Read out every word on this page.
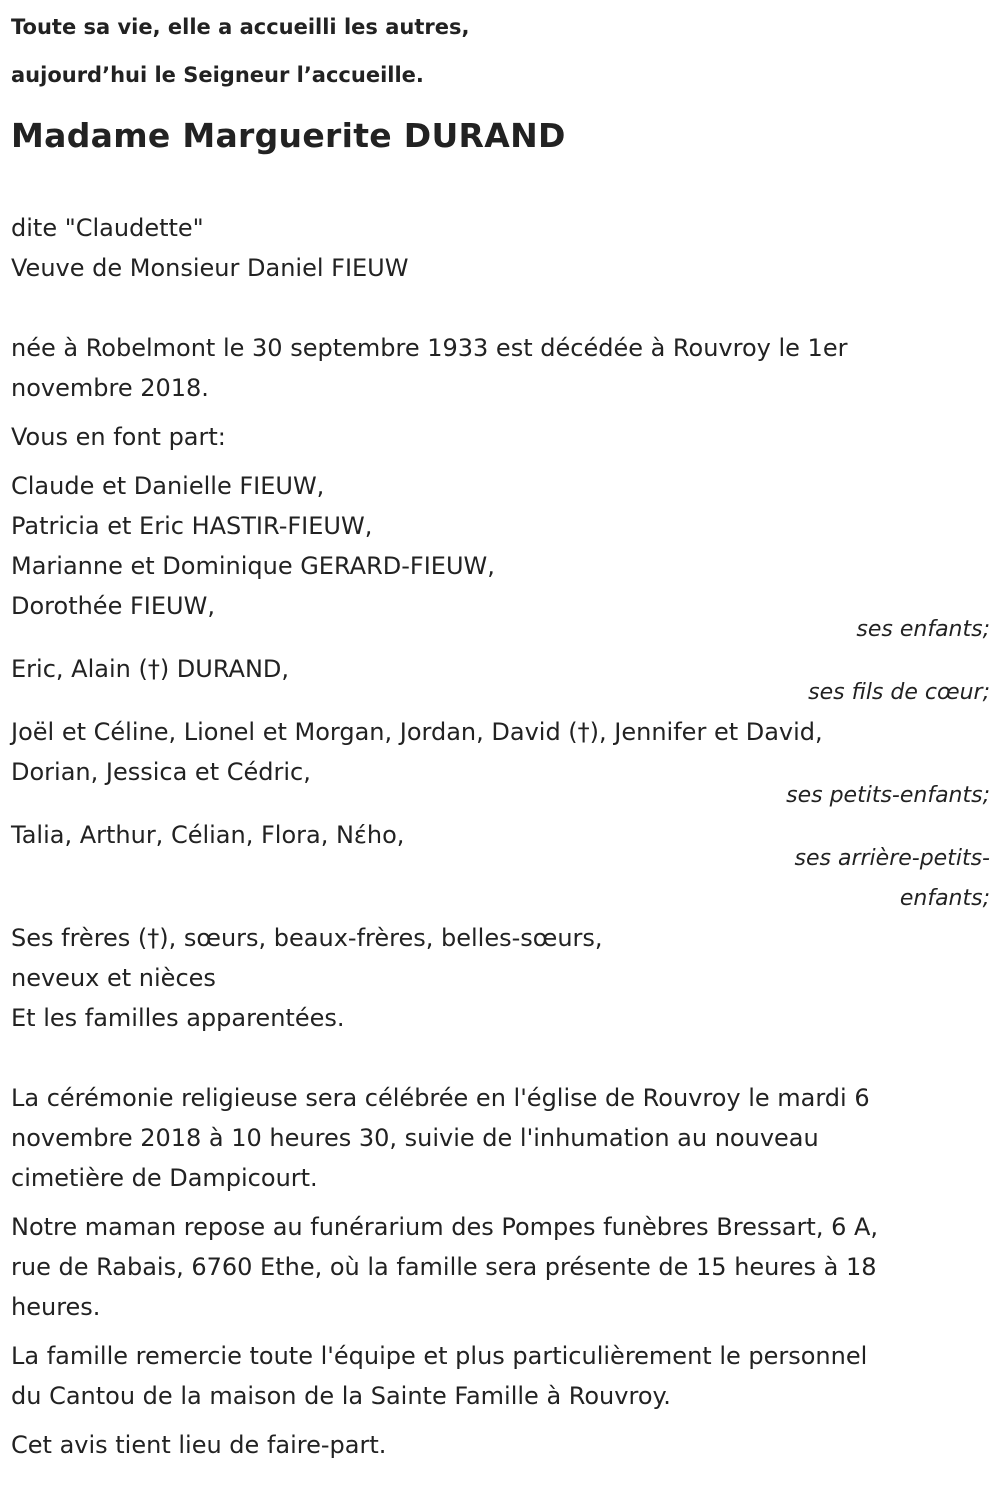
Toute sa vie, elle a accueilli les autres,
aujourd’hui le Seigneur l’accueille.
Madame Marguerite DURAND
dite "Claudette"
Veuve de Monsieur Daniel FIEUW
née à Robelmont le 30 septembre 1933 est décédée à Rouvroy le 1er
novembre 2018.
Vous en font part:
Claude et Danielle FIEUW,
Patricia et Eric HASTIR-FIEUW,
Marianne et Dominique GERARD-FIEUW,
Dorothée FIEUW,
ses enfants;
Eric, Alain (†) DURAND,
ses fils de cœur;
Joël et Céline, Lionel et Morgan, Jordan, David (†), Jennifer et David,
Dorian, Jessica et Cédric,
ses petits-enfants;
Talia, Arthur, Célian, Flora, Nέho,
ses arrière-petits-
enfants;
Ses frères (†), sœurs, beaux-frères, belles-sœurs,
neveux et nièces
Et les familles apparentées.
La cérémonie religieuse sera célébrée en l'église de Rouvroy le mardi 6
novembre 2018 à 10 heures 30, suivie de l'inhumation au nouveau
cimetière de Dampicourt.
Notre maman repose au funérarium des Pompes funèbres Bressart, 6 A,
rue de Rabais, 6760 Ethe, où la famille sera présente de 15 heures à 18
heures.
La famille remercie toute l'équipe et plus particulièrement le personnel
du Cantou de la maison de la Sainte Famille à Rouvroy.
Cet avis tient lieu de faire-part.
